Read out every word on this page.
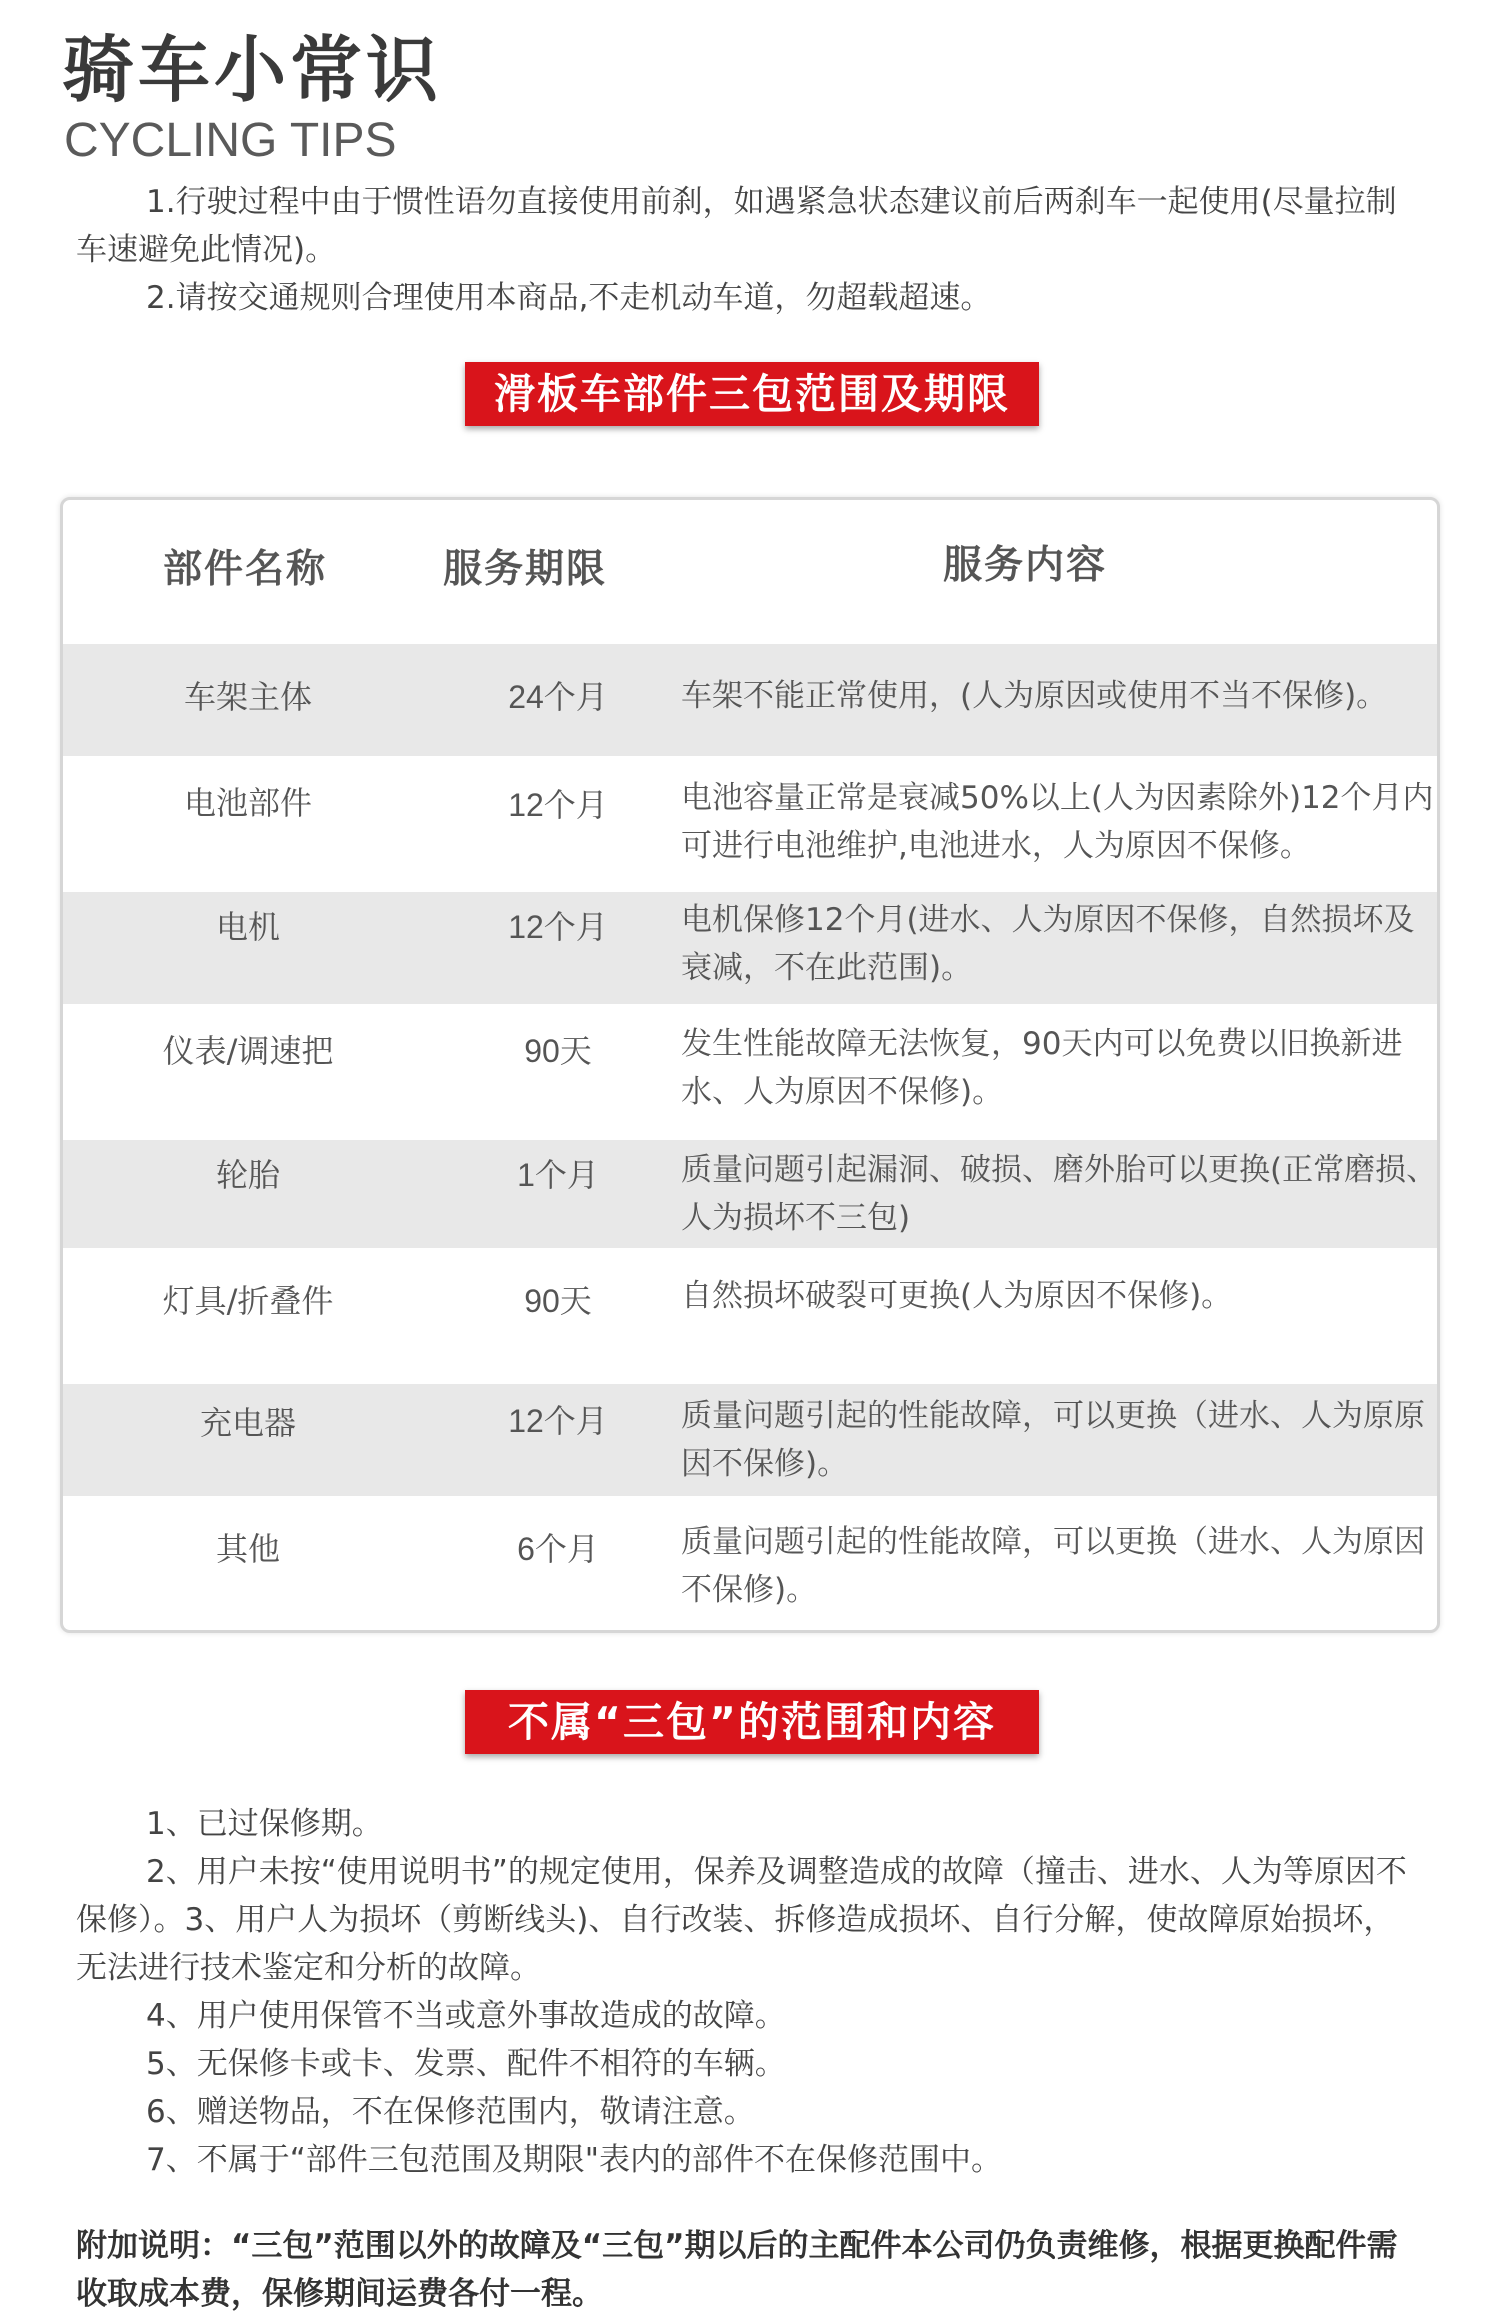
骑车小常识
CYCLING TIPS

1.行驶过程中由于惯性语勿直接使用前刹，如遇紧急状态建议前后两刹车一起使用(尽量拉制车速避免此情况)。

2.请按交通规则合理使用本商品,不走机动车道，勿超载超速。

滑板车部件三包范围及期限
部件名称	服务期限	服务内容
车架主体	24个月	车架不能正常使用，(人为原因或使用不当不保修)。
电池部件	12个月	电池容量正常是衰减50%以上(人为因素除外)12个月内可进行电池维护,电池进水，人为原因不保修。
电机	12个月	电机保修12个月(进水、人为原因不保修，自然损坏及衰减，不在此范围)。
仪表/调速把	90天	发生性能故障无法恢复，90天内可以免费以旧换新进水、人为原因不保修)。
轮胎	1个月	质量问题引起漏洞、破损、磨外胎可以更换(正常磨损、人为损坏不三包)
灯具/折叠件	90天	自然损坏破裂可更换(人为原因不保修)。
充电器	12个月	质量问题引起的性能故障，可以更换（进水、人为原原因不保修)。
其他	6个月	质量问题引起的性能故障，可以更换（进水、人为原因不保修)。
不属“三包”的范围和内容

1、已过保修期。

2、用户未按“使用说明书”的规定使用，保养及调整造成的故障（撞击、进水、人为等原因不保修）。3、用户人为损坏（剪断线头)、自行改装、拆修造成损坏、自行分解，使故障原始损坏，无法进行技术鉴定和分析的故障。

4、用户使用保管不当或意外事故造成的故障。

5、无保修卡或卡、发票、配件不相符的车辆。

6、赠送物品，不在保修范围内，敬请注意。

7、不属于“部件三包范围及期限"表内的部件不在保修范围中。

附加说明：“三包”范围以外的故障及“三包”期以后的主配件本公司仍负责维修，根据更换配件需收取成本费，保修期间运费各付一程。
